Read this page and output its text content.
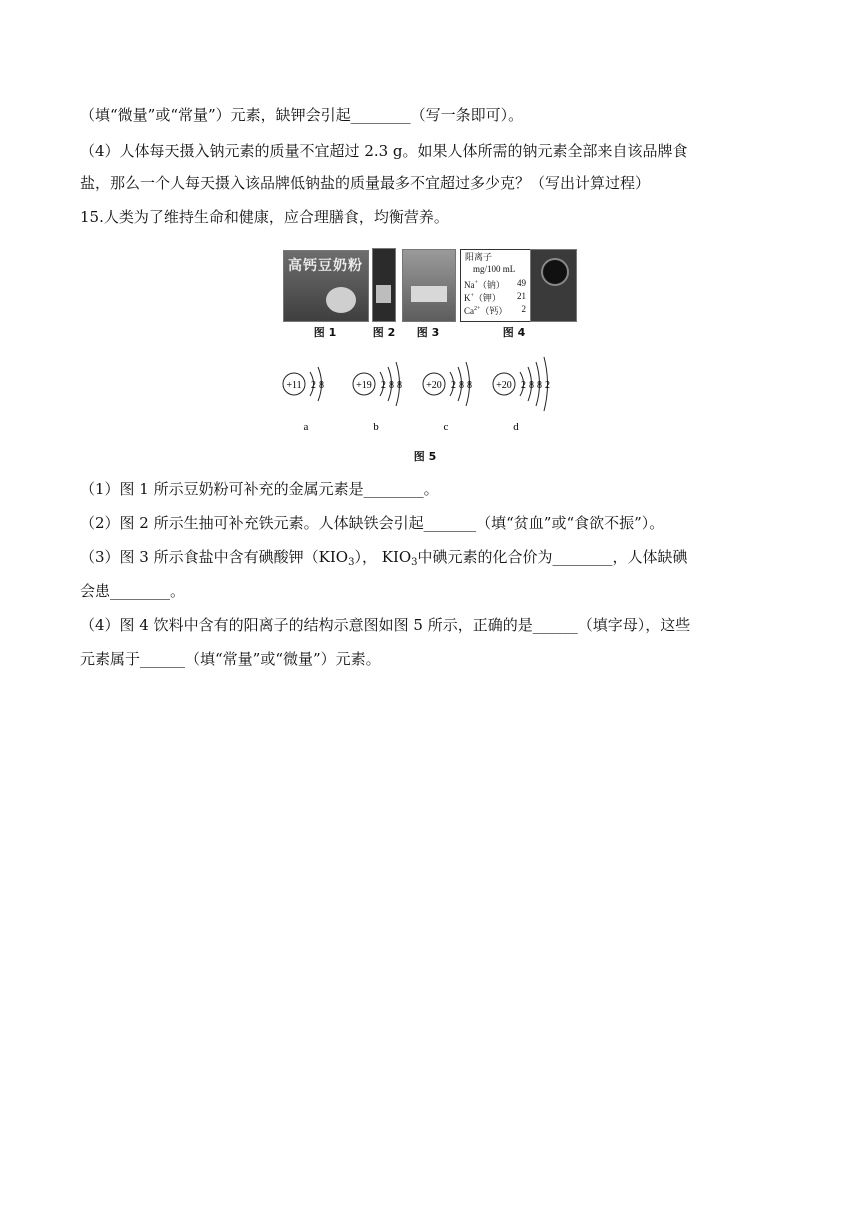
（填“微量”或“常量”）元素，缺钾会引起________（写一条即可）。
（4）人体每天摄入钠元素的质量不宜超过 2.3 g。如果人体所需的钠元素全部来自该品牌食
盐，那么一个人每天摄入该品牌低钠盐的质量最多不宜超过多少克？（写出计算过程）
15.人类为了维持生命和健康，应合理膳食，均衡营养。
高钙豆奶粉
图 1	图 2	图 3
阳离子
mg/100 mL
Na+（钠） 49
K+（钾） 21
$Ca^{2+}$（钙） 2
图 4
+11 2 8
a
+19 2 8 8
b
+20 2 8 8
c
+20 2 8 8 2
d
图 5
（1）图 1 所示豆奶粉可补充的金属元素是________。
（2）图 2 所示生抽可补充铁元素。人体缺铁会引起_______（填“贫血”或“食欲不振”）。
（3）图 3 所示食盐中含有碘酸钾$(KIO_3)$， $KIO_3$中碘元素的化合价为________，人体缺碘
会患________。
（4）图 4 饮料中含有的阳离子的结构示意图如图 5 所示，正确的是______（填字母），这些
元素属于______（填“常量”或“微量”）元素。
